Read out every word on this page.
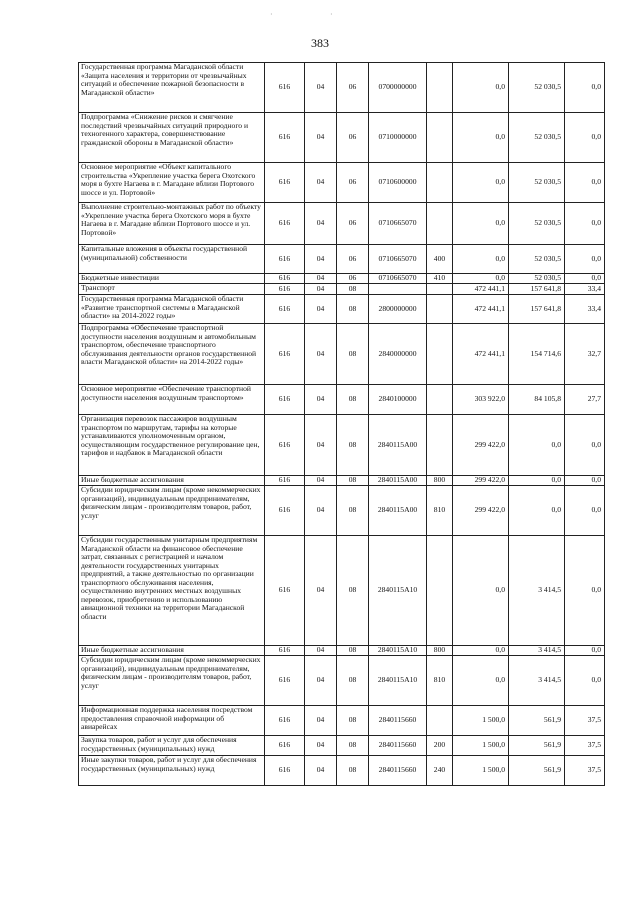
383
·	·
Государственная программа Магаданской области «Защита населения и территории от чрезвычайных ситуаций и обеспечение пожарной безопасности в Магаданской области»	616	04	06	0700000000		0,0	52 030,5	0,0
Подпрограмма «Снижение рисков и смягчение последствий чрезвычайных ситуаций природного и техногенного характера, совершенствование гражданской обороны в Магаданской области»	616	04	06	0710000000		0,0	52 030,5	0,0
Основное мероприятие «Объект капитального строительства «Укрепление участка берега Охотского моря в бухте Нагаева в г. Магадане вблизи Портового шоссе и ул. Портовой»	616	04	06	0710600000		0,0	52 030,5	0,0
Выполнение строительно-монтажных работ по объекту «Укрепление участка берега Охотского моря в бухте Нагаева в г. Магадане вблизи Портового шоссе и ул. Портовой»	616	04	06	0710665070		0,0	52 030,5	0,0
Капитальные вложения в объекты государственной (муниципальной) собственности	616	04	06	0710665070	400	0,0	52 030,5	0,0
Бюджетные инвестиции	616	04	06	0710665070	410	0,0	52 030,5	0,0
Транспорт	616	04	08			472 441,1	157 641,8	33,4
Государственная программа Магаданской области «Развитие транспортной системы в Магаданской области» на 2014-2022 годы»	616	04	08	2800000000		472 441,1	157 641,8	33,4
Подпрограмма «Обеспечение транспортной доступности населения воздушным и автомобильным транспортом, обеспечение транспортного обслуживания деятельности органов государственной власти Магаданской области» на 2014-2022 годы»	616	04	08	2840000000		472 441,1	154 714,6	32,7
Основное мероприятие «Обеспечение транспортной доступности населения воздушным транспортом»	616	04	08	2840100000		303 922,0	84 105,8	27,7
Организация перевозок пассажиров воздушным транспортом по маршрутам, тарифы на которые устанавливаются уполномоченным органом, осуществляющим государственное регулирование цен, тарифов и надбавок в Магаданской области	616	04	08	2840115А00		299 422,0	0,0	0,0
Иные бюджетные ассигнования	616	04	08	2840115А00	800	299 422,0	0,0	0,0
Субсидии юридическим лицам (кроме некоммерческих организаций), индивидуальным предпринимателям, физическим лицам - производителям товаров, работ, услуг	616	04	08	2840115А00	810	299 422,0	0,0	0,0
Субсидии государственным унитарным предприятиям Магаданской области на финансовое обеспечение затрат, связанных с регистрацией и началом деятельности государственных унитарных предприятий, а также деятельностью по организации транспортного обслуживания населения, осуществлению внутренних местных воздушных перевозок, приобретению и использованию авиационной техники на территории Магаданской области	616	04	08	2840115А10		0,0	3 414,5	0,0
Иные бюджетные ассигнования	616	04	08	2840115А10	800	0,0	3 414,5	0,0
Субсидии юридическим лицам (кроме некоммерческих организаций), индивидуальным предпринимателям, физическим лицам - производителям товаров, работ, услуг	616	04	08	2840115А10	810	0,0	3 414,5	0,0
Информационная поддержка населения посредством предоставления справочной информации об авиарейсах	616	04	08	2840115660		1 500,0	561,9	37,5
Закупка товаров, работ и услуг для обеспечения государственных (муниципальных) нужд	616	04	08	2840115660	200	1 500,0	561,9	37,5
Иные закупки товаров, работ и услуг для обеспечения государственных (муниципальных) нужд	616	04	08	2840115660	240	1 500,0	561,9	37,5
